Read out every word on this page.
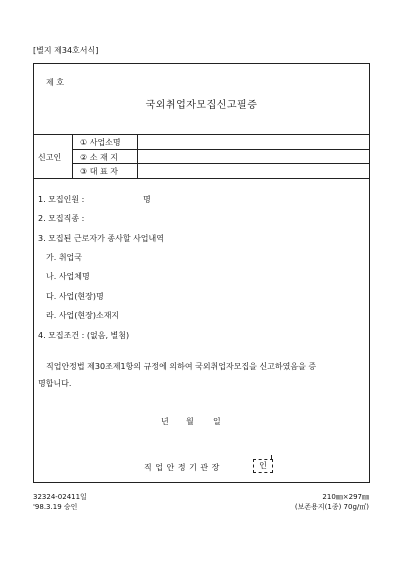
[별지 제34호서식]
제 호
국외취업자모집신고필증
신고인
① 사업소명
② 소 재 지
③ 대 표 자
1. 모집인원 :	명
2. 모집직종 :
3. 모집된 근로자가 종사할 사업내역
가. 취업국
나. 사업체명
다. 사업(현장)명
라. 사업(현장)소재지
4. 모집조건 : (없음, 별첨)
직업안정법 제30조제1항의 규정에 의하여 국외취업자모집을 신고하였음을 증
명합니다.
년 월 일
직 업 안 정 기 관 장	인
32324-02411일
'98.3.19 승인
210㎜×297㎜
(보존용지(1종) 70g/㎡)
